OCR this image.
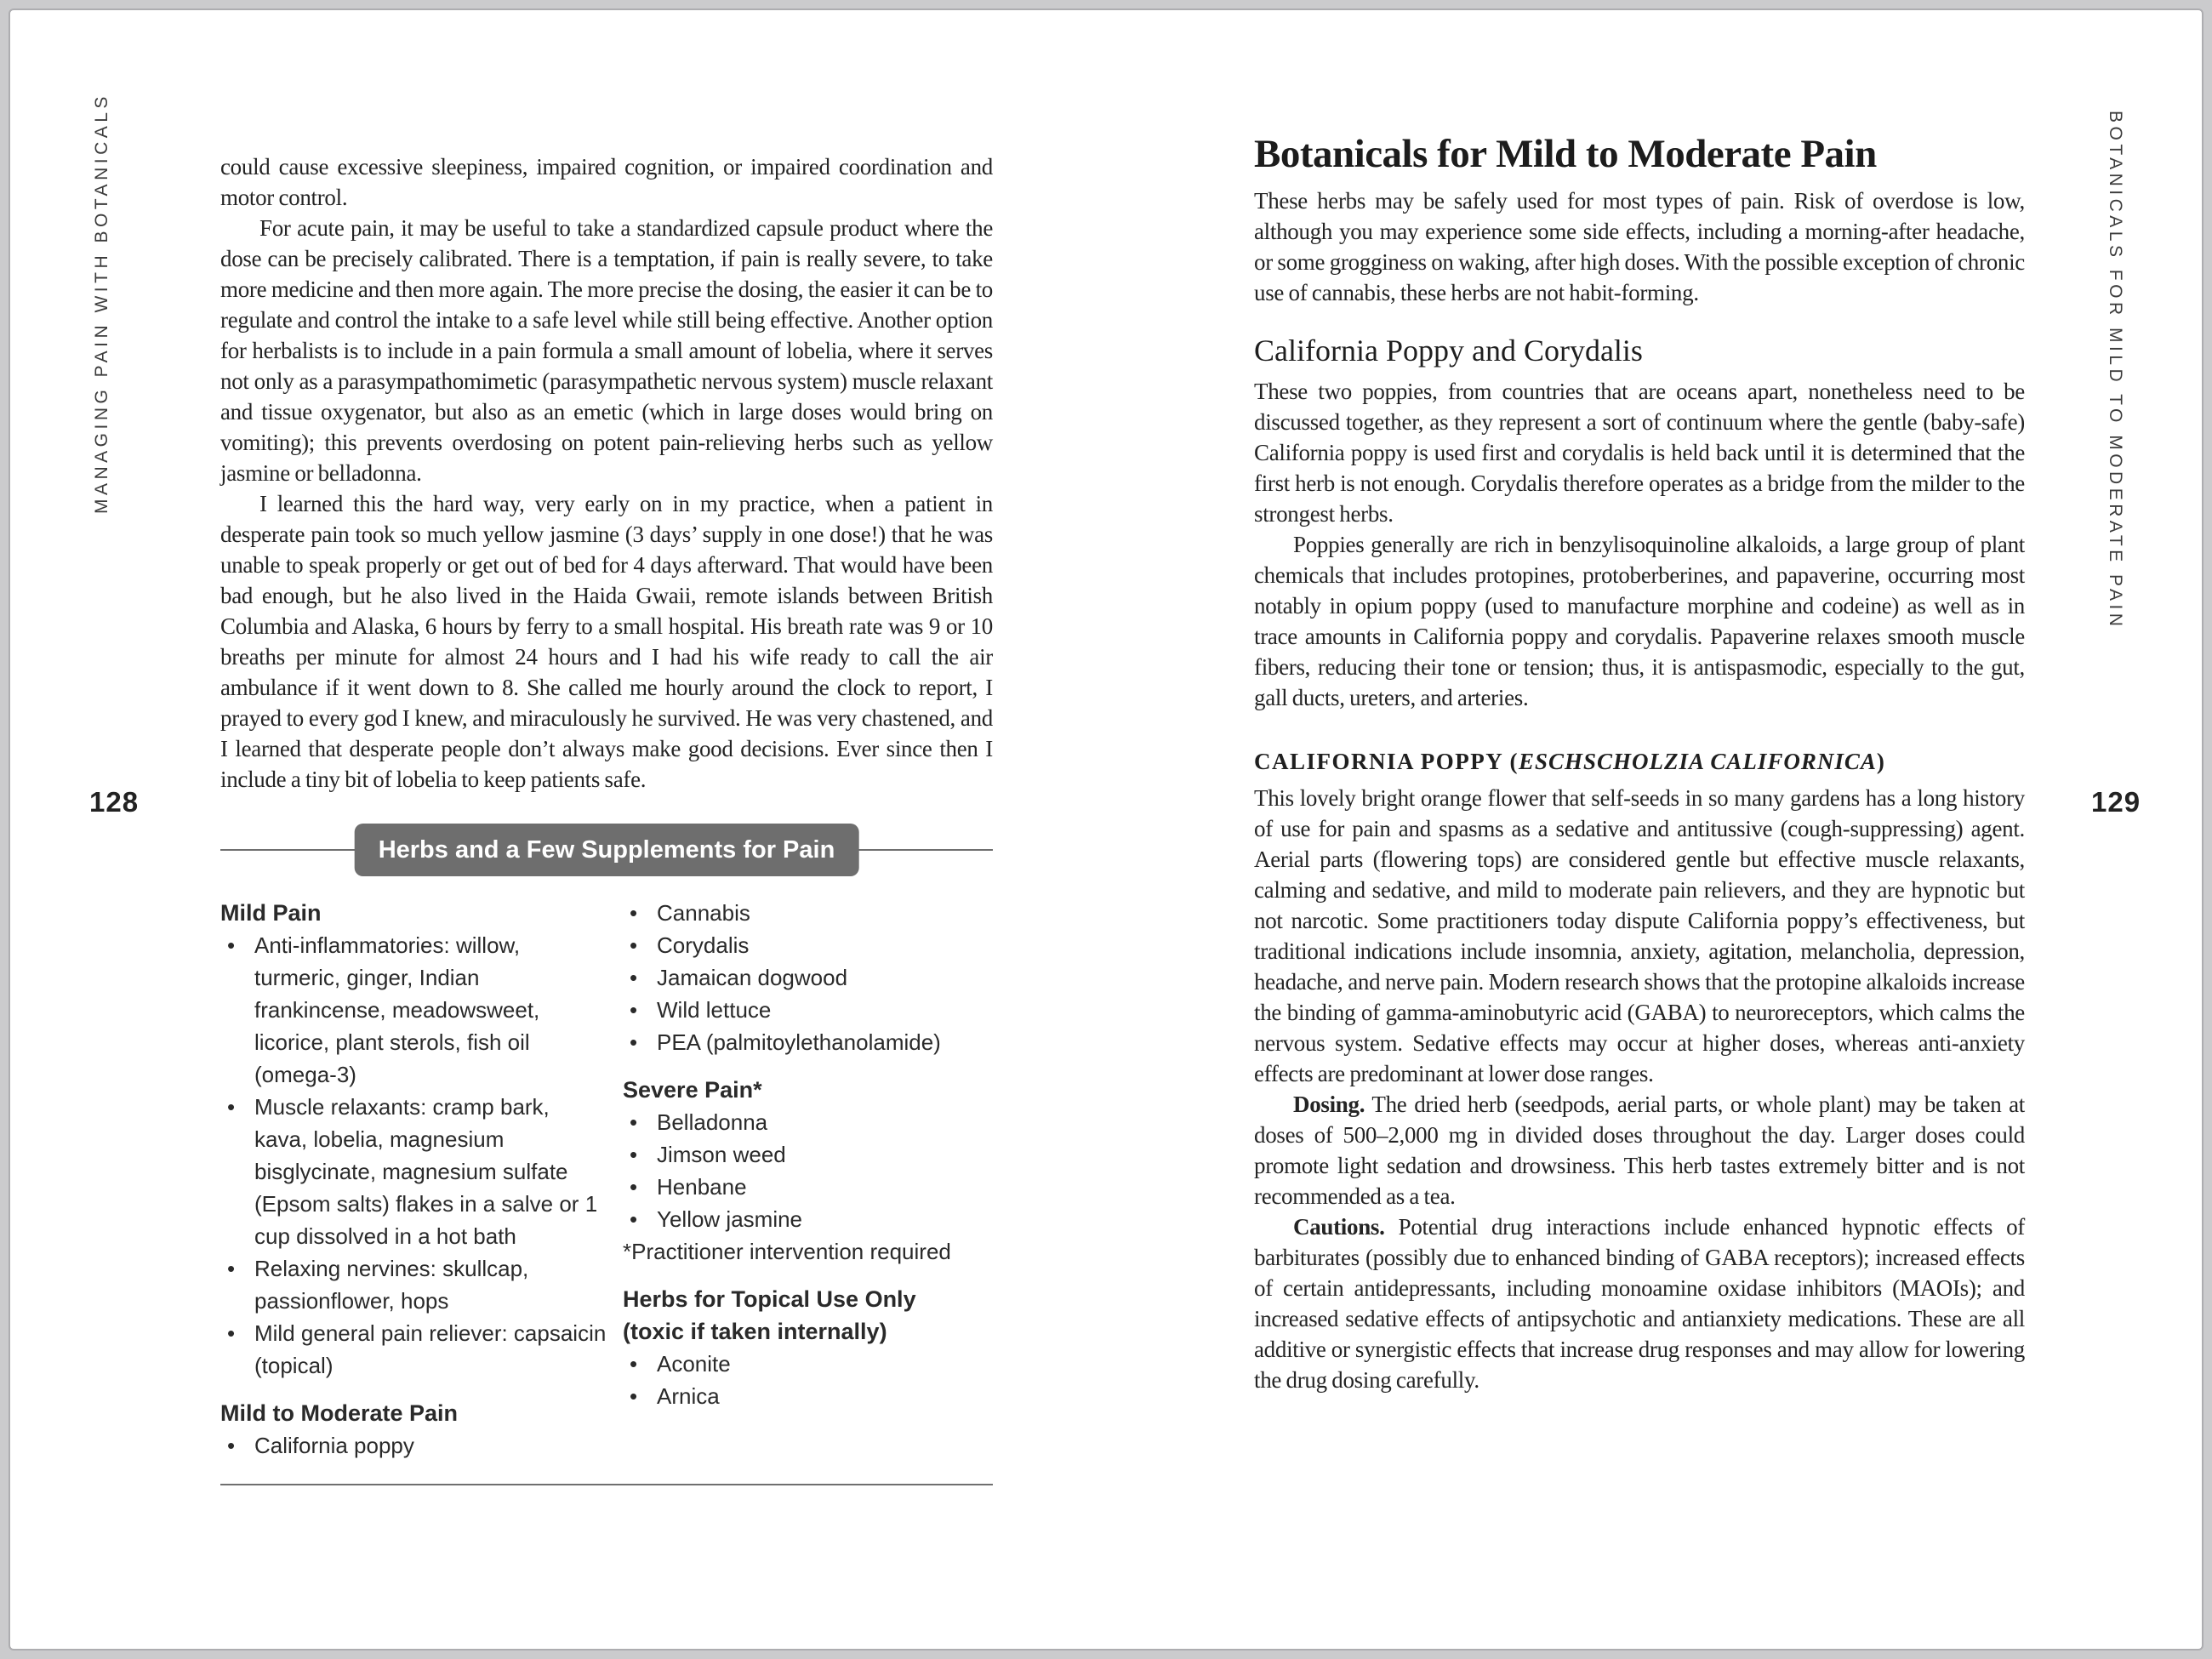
MANAGING PAIN WITH BOTANICALS
128

could cause excessive sleepiness, impaired cognition, or impaired coordination and motor control.

For acute pain, it may be useful to take a standardized capsule product where the dose can be precisely calibrated. There is a temptation, if pain is really severe, to take more medicine and then more again. The more precise the dosing, the easier it can be to regulate and control the intake to a safe level while still being effective. Another option for herbalists is to include in a pain formula a small amount of lobelia, where it serves not only as a parasympathomimetic (parasympathetic nervous system) muscle relaxant and tissue oxygenator, but also as an emetic (which in large doses would bring on vomiting); this prevents overdosing on potent pain-relieving herbs such as yellow jasmine or belladonna.

I learned this the hard way, very early on in my practice, when a patient in desperate pain took so much yellow jasmine (3 days’ supply in one dose!) that he was unable to speak properly or get out of bed for 4 days afterward. That would have been bad enough, but he also lived in the Haida Gwaii, remote islands between British Columbia and Alaska, 6 hours by ferry to a small hospital. His breath rate was 9 or 10 breaths per minute for almost 24 hours and I had his wife ready to call the air ambulance if it went down to 8. She called me hourly around the clock to report, I prayed to every god I knew, and miraculously he survived. He was very chastened, and I learned that desperate people don’t always make good decisions. Ever since then I include a tiny bit of lobelia to keep patients safe.

Herbs and a Few Supplements for Pain

Mild Pain

• Anti-inflammatories: willow, turmeric, ginger, Indian frankincense, meadowsweet, licorice, plant sterols, fish oil (omega-3)
• Muscle relaxants: cramp bark, kava, lobelia, magnesium bisglycinate, magnesium sulfate (Epsom salts) flakes in a salve or 1 cup dissolved in a hot bath
• Relaxing nervines: skullcap, passionflower, hops
• Mild general pain reliever: capsaicin (topical)

Mild to Moderate Pain

• California poppy
• Cannabis
• Corydalis
• Jamaican dogwood
• Wild lettuce
• PEA (palmitoylethanolamide)

Severe Pain*

• Belladonna
• Jimson weed
• Henbane
• Yellow jasmine

*Practitioner intervention required

Herbs for Topical Use Only

(toxic if taken internally)

• Aconite
• Arnica
BOTANICALS FOR MILD TO MODERATE PAIN
129
Botanicals for Mild to Moderate Pain

These herbs may be safely used for most types of pain. Risk of overdose is low, although you may experience some side effects, including a morning-after headache, or some grogginess on waking, after high doses. With the possible exception of chronic use of cannabis, these herbs are not habit-forming.

California Poppy and Corydalis

These two poppies, from countries that are oceans apart, nonetheless need to be discussed together, as they represent a sort of continuum where the gentle (baby-safe) California poppy is used first and corydalis is held back until it is determined that the first herb is not enough. Corydalis therefore operates as a bridge from the milder to the strongest herbs.

Poppies generally are rich in benzylisoquinoline alkaloids, a large group of plant chemicals that includes protopines, protoberberines, and papaverine, occurring most notably in opium poppy (used to manufacture morphine and codeine) as well as in trace amounts in California poppy and corydalis. Papaverine relaxes smooth muscle fibers, reducing their tone or tension; thus, it is antispasmodic, especially to the gut, gall ducts, ureters, and arteries.

CALIFORNIA POPPY (ESCHSCHOLZIA CALIFORNICA)

This lovely bright orange flower that self-seeds in so many gardens has a long history of use for pain and spasms as a sedative and antitussive (cough-suppressing) agent. Aerial parts (flowering tops) are considered gentle but effective muscle relaxants, calming and sedative, and mild to moderate pain relievers, and they are hypnotic but not narcotic. Some practitioners today dispute California poppy’s effectiveness, but traditional indications include insomnia, anxiety, agitation, melancholia, depression, headache, and nerve pain. Modern research shows that the protopine alkaloids increase the binding of gamma-aminobutyric acid (GABA) to neuroreceptors, which calms the nervous system. Sedative effects may occur at higher doses, whereas anti-anxiety effects are predominant at lower dose ranges.

Dosing. The dried herb (seedpods, aerial parts, or whole plant) may be taken at doses of 500–2,000 mg in divided doses throughout the day. Larger doses could promote light sedation and drowsiness. This herb tastes extremely bitter and is not recommended as a tea.

Cautions. Potential drug interactions include enhanced hypnotic effects of barbiturates (possibly due to enhanced binding of GABA receptors); increased effects of certain antidepressants, including monoamine oxidase inhibitors (MAOIs); and increased sedative effects of antipsychotic and antianxiety medications. These are all additive or synergistic effects that increase drug responses and may allow for lowering the drug dosing carefully.
